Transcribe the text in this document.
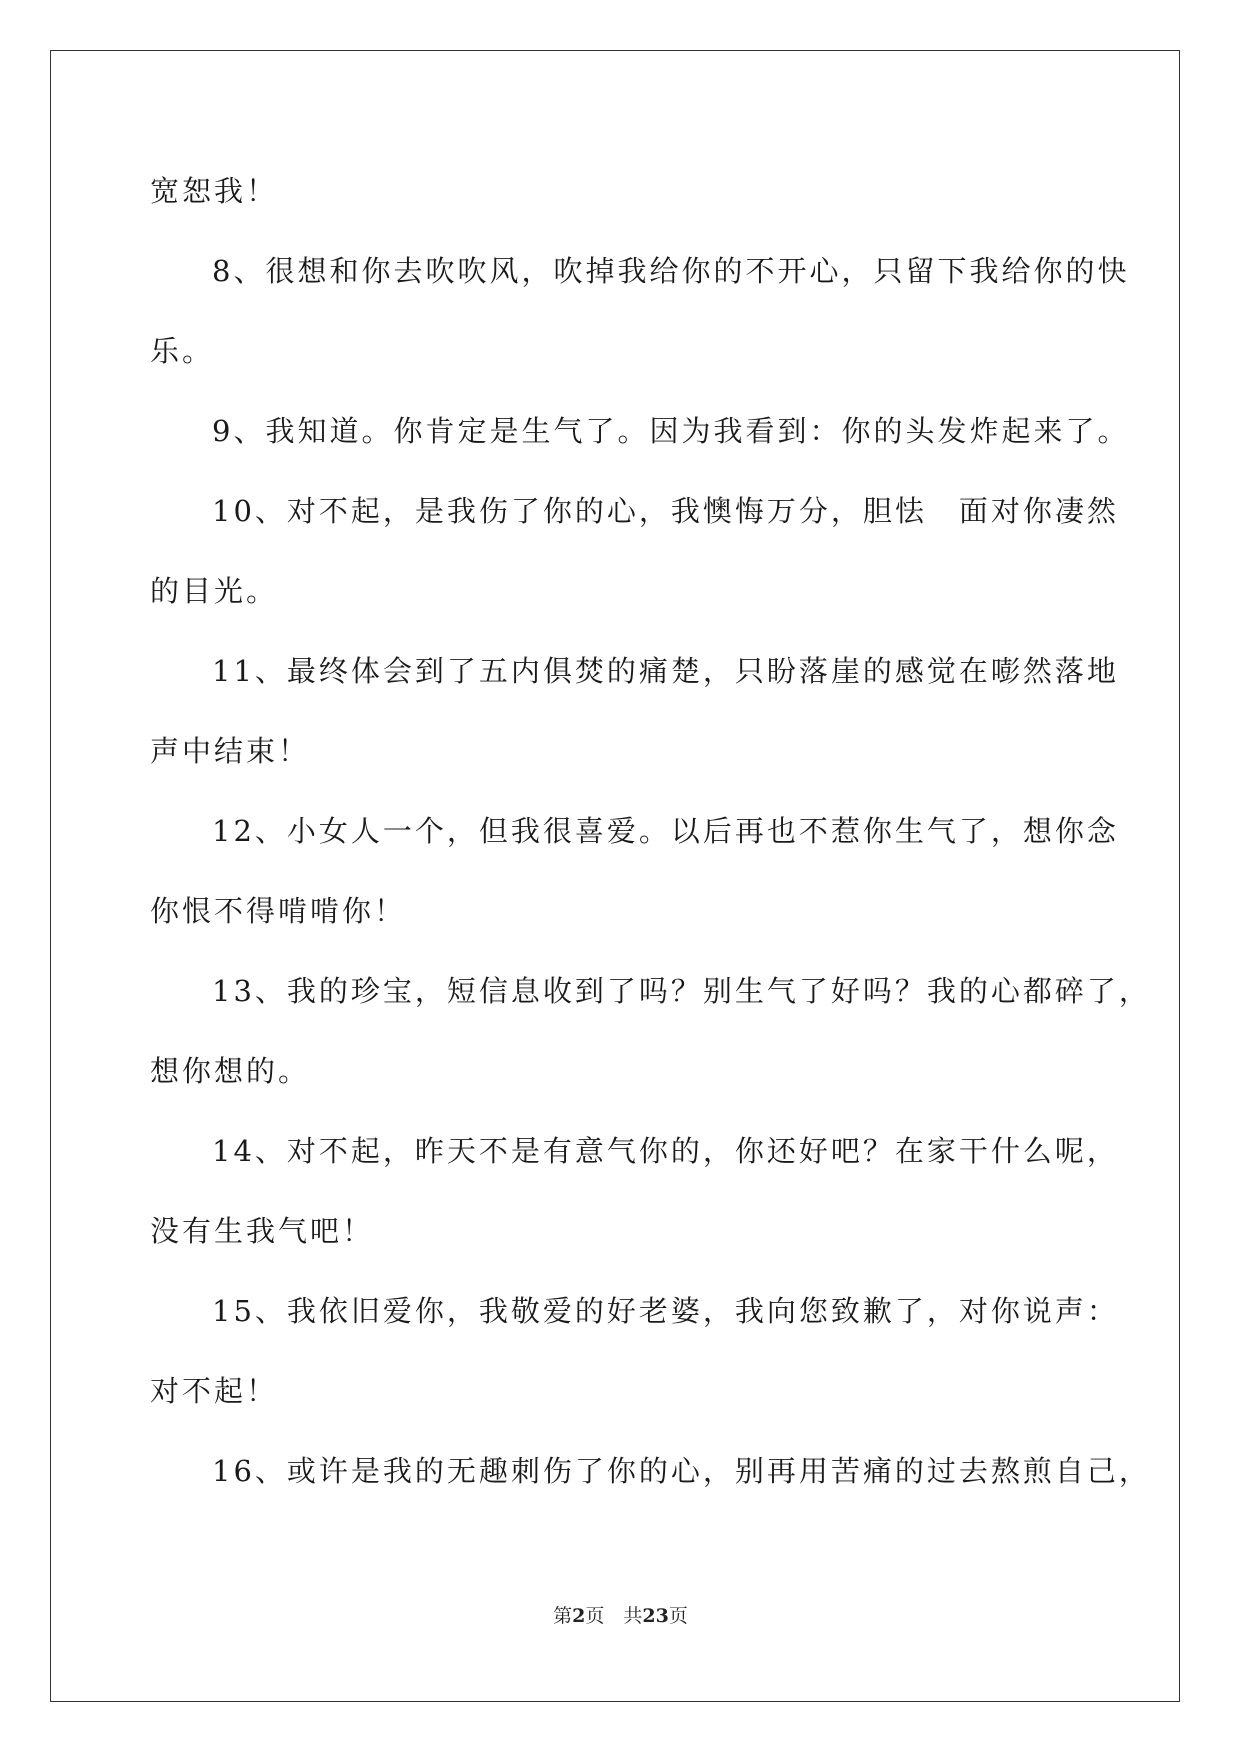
宽恕我！
8、很想和你去吹吹风，吹掉我给你的不开心，只留下我给你的快
乐。
9、我知道。你肯定是生气了。因为我看到：你的头发炸起来了。
10、对不起，是我伤了你的心，我懊悔万分，胆怯　面对你凄然
的目光。
11、最终体会到了五内俱焚的痛楚，只盼落崖的感觉在嘭然落地
声中结束！
12、小女人一个，但我很喜爱。以后再也不惹你生气了，想你念
你恨不得啃啃你！
13、我的珍宝，短信息收到了吗？别生气了好吗？我的心都碎了，
想你想的。
14、对不起，昨天不是有意气你的，你还好吧？在家干什么呢，
没有生我气吧！
15、我依旧爱你，我敬爱的好老婆，我向您致歉了，对你说声：
对不起！
16、或许是我的无趣刺伤了你的心，别再用苦痛的过去熬煎自己，
第2页  共23页
